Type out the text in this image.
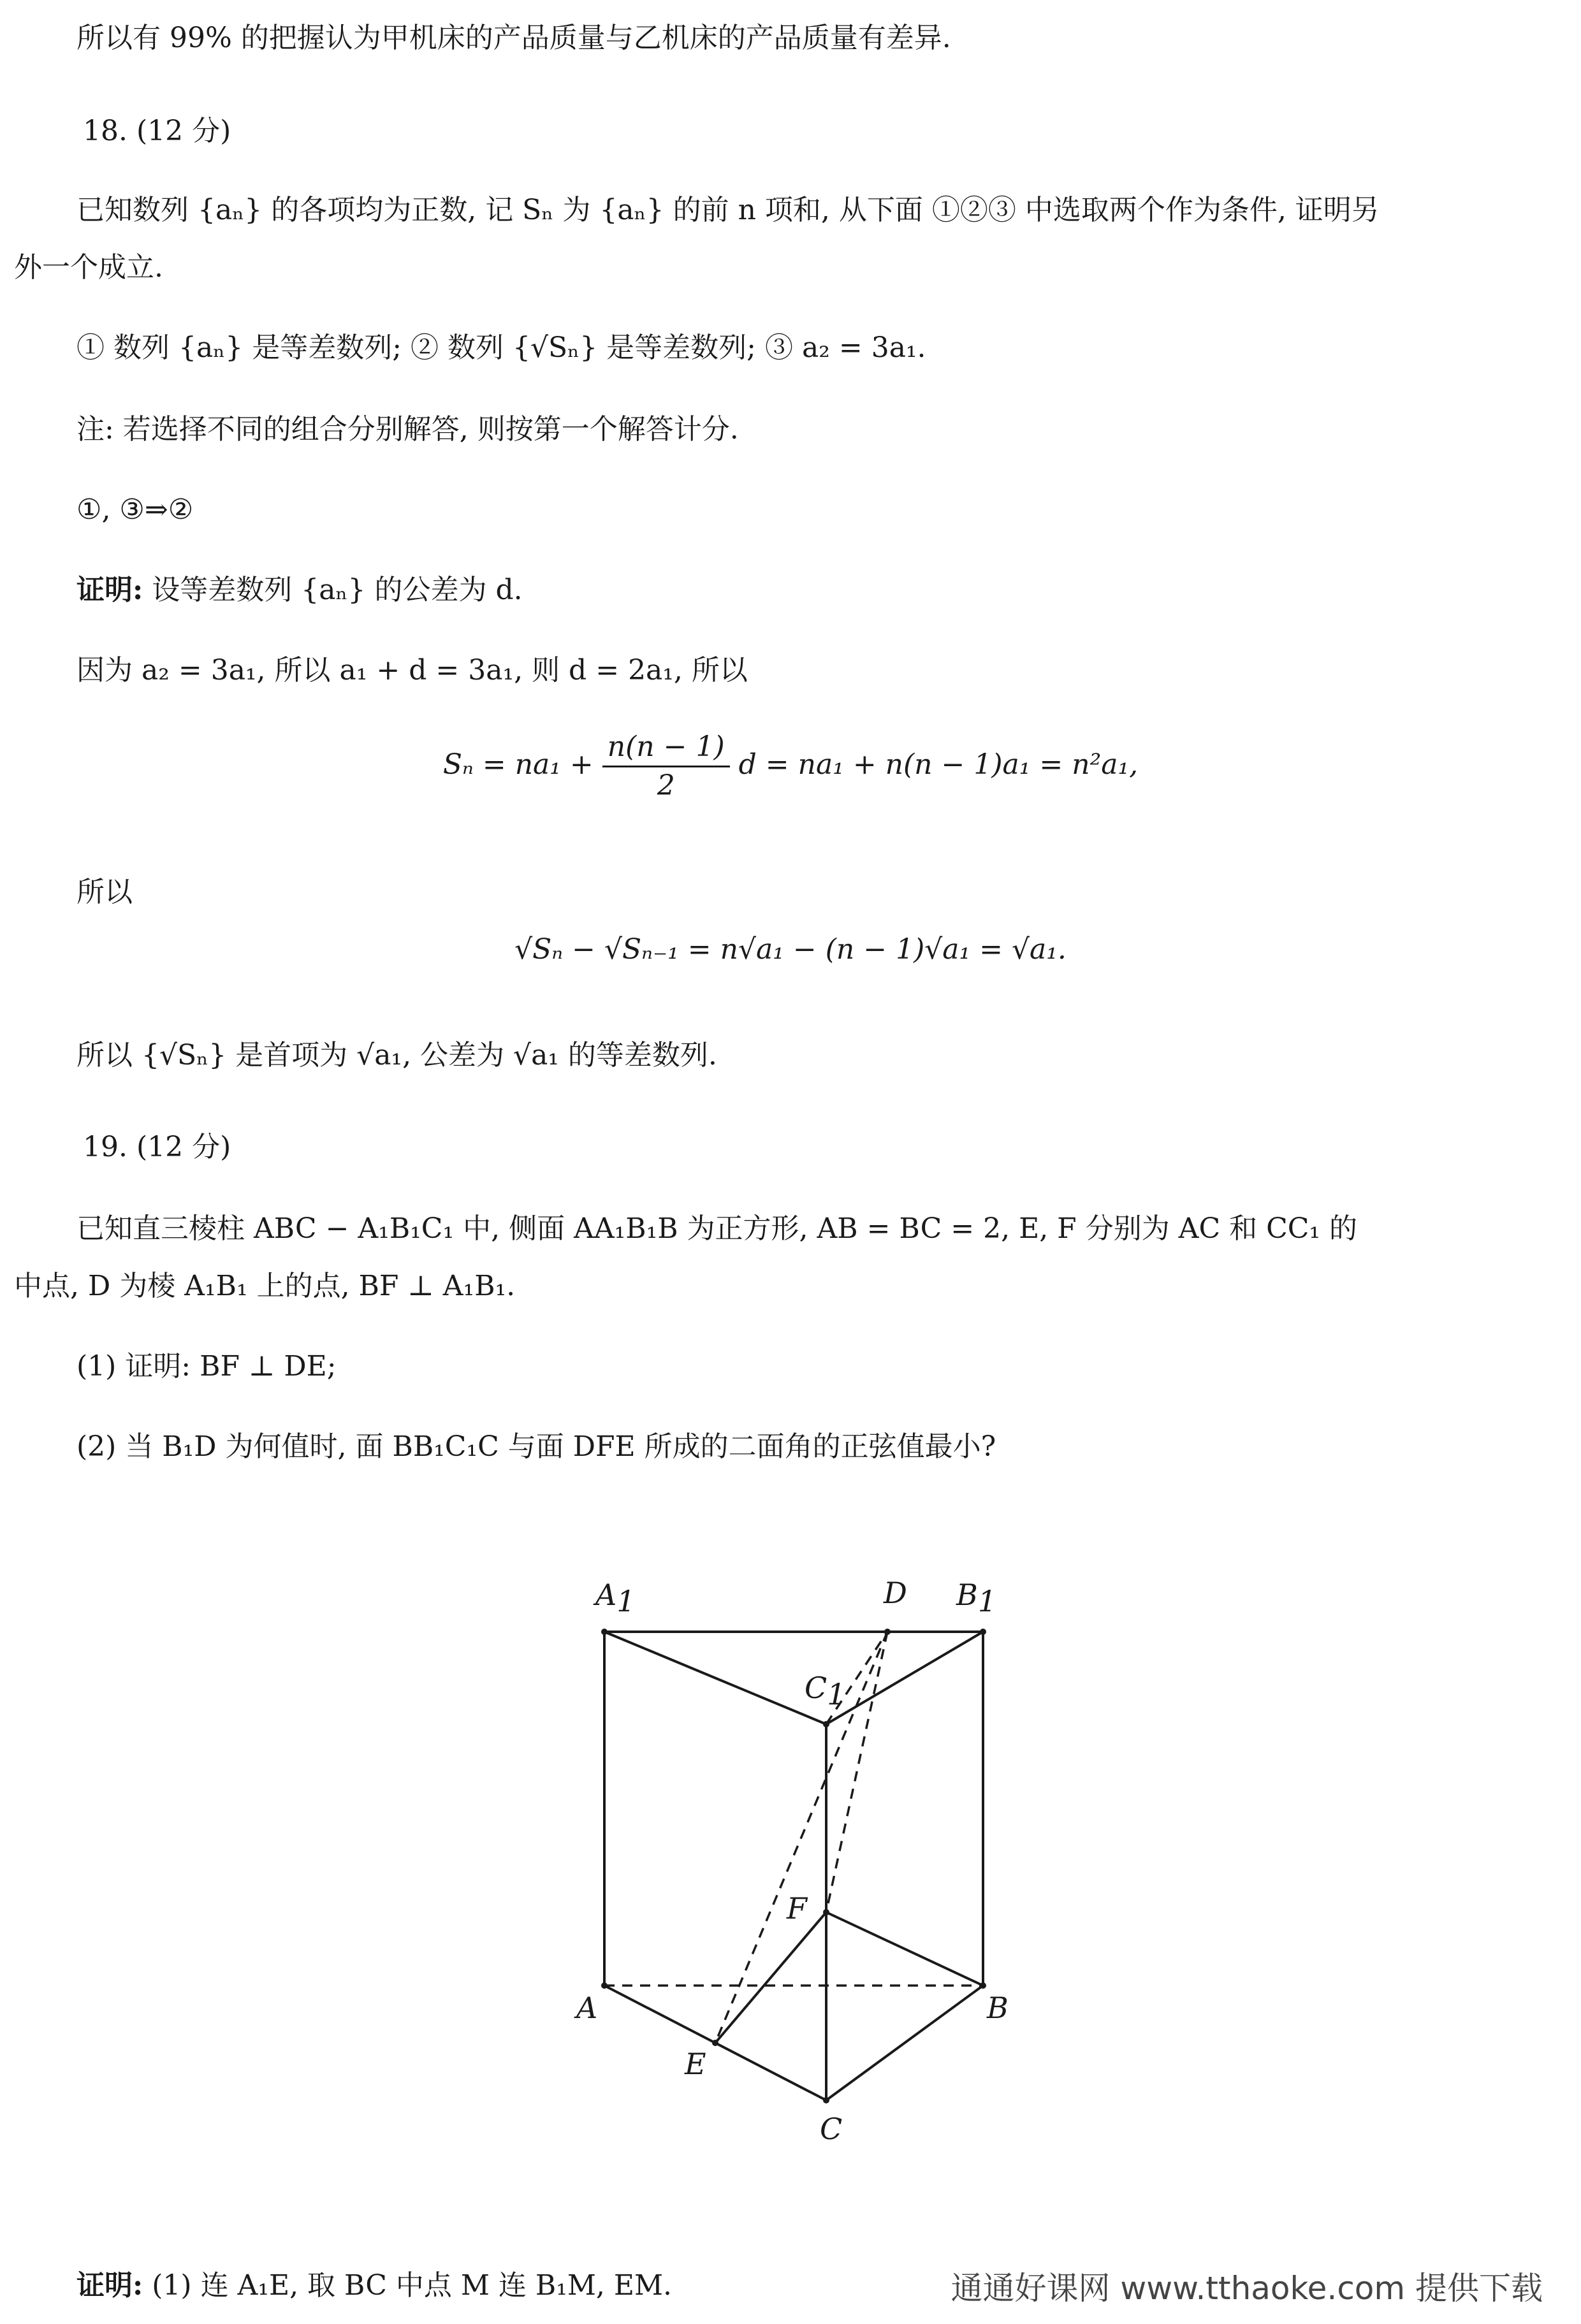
所以有 99% 的把握认为甲机床的产品质量与乙机床的产品质量有差异.
18. (12 分)
已知数列 {aₙ} 的各项均为正数, 记 Sₙ 为 {aₙ} 的前 n 项和, 从下面 ①②③ 中选取两个作为条件, 证明另
外一个成立.
① 数列 {aₙ} 是等差数列; ② 数列 {√Sₙ} 是等差数列; ③ a₂ = 3a₁.
注: 若选择不同的组合分别解答, 则按第一个解答计分.
①, ③⇒②
证明: 设等差数列 {aₙ} 的公差为 d.
因为 a₂ = 3a₁, 所以 a₁ + d = 3a₁, 则 d = 2a₁, 所以
$S_n = na_1 + \frac{n(n - 1)}{2}$ d = na₁ + n(n − 1)a₁ = n²a₁,
所以
√Sₙ − √Sₙ₋₁ = n√a₁ − (n − 1)√a₁ = √a₁.
所以 {√Sₙ} 是首项为 √a₁, 公差为 √a₁ 的等差数列.
19. (12 分)
已知直三棱柱 ABC − A₁B₁C₁ 中, 侧面 AA₁B₁B 为正方形, AB = BC = 2, E, F 分别为 AC 和 CC₁ 的
中点, D 为棱 A₁B₁ 上的点, BF ⊥ A₁B₁.
(1) 证明: BF ⊥ DE;
(2) 当 B₁D 为何值时, 面 BB₁C₁C 与面 DFE 所成的二面角的正弦值最小?
A1	D B1
C1
F
A	B
E
C
证明: (1) 连 A₁E, 取 BC 中点 M 连 B₁M, EM.	通通好课网 www.tthaoke.com 提供下载
